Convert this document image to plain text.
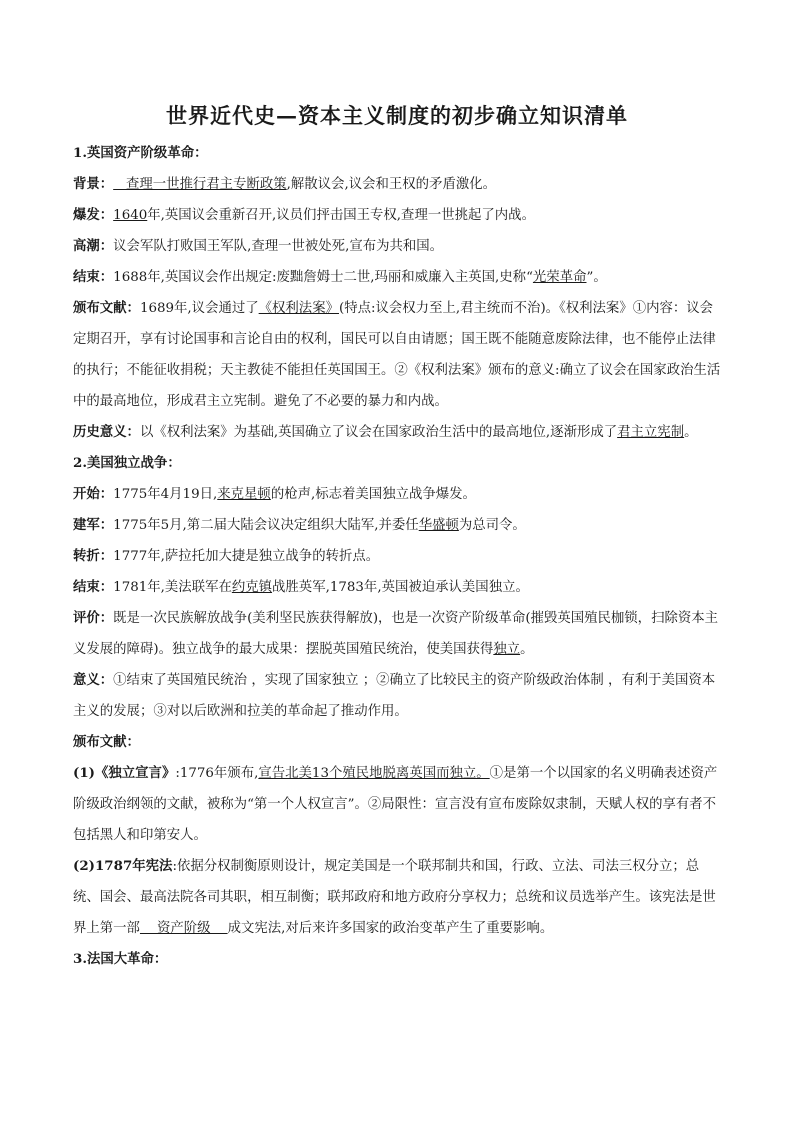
世界近代史—资本主义制度的初步确立知识清单

1.英国资产阶级革命：

背景：   查理一世推行君主专断政策,解散议会,议会和王权的矛盾激化。

爆发：1640年,英国议会重新召开,议员们抨击国王专权,查理一世挑起了内战。

高潮：议会军队打败国王军队,查理一世被处死,宣布为共和国。

结束：1688年,英国议会作出规定:废黜詹姆士二世,玛丽和威廉入主英国,史称“光荣革命”。

颁布文献：1689年,议会通过了《权利法案》(特点:议会权力至上,君主统而不治)。《权利法案》①内容：议会定期召开，享有讨论国事和言论自由的权利，国民可以自由请愿；国王既不能随意废除法律，也不能停止法律的执行；不能征收捐税；天主教徒不能担任英国国王。②《权利法案》颁布的意义:确立了议会在国家政治生活中的最高地位，形成君主立宪制。避免了不必要的暴力和内战。

历史意义：以《权利法案》为基础,英国确立了议会在国家政治生活中的最高地位,逐渐形成了君主立宪制。

2.美国独立战争：

开始：1775年4月19日,来克星顿的枪声,标志着美国独立战争爆发。

建军：1775年5月,第二届大陆会议决定组织大陆军,并委任华盛顿为总司令。

转折：1777年,萨拉托加大捷是独立战争的转折点。

结束：1781年,美法联军在约克镇战胜英军,1783年,英国被迫承认美国独立。

评价：既是一次民族解放战争(美利坚民族获得解放)，也是一次资产阶级革命(摧毁英国殖民枷锁，扫除资本主义发展的障碍)。独立战争的最大成果：摆脱英国殖民统治，使美国获得独立。

意义：①结束了英国殖民统治 ，实现了国家独立 ；②确立了比较民主的资产阶级政治体制 ，有利于美国资本主义的发展；③对以后欧洲和拉美的革命起了推动作用。

颁布文献：

(1)《独立宣言》:1776年颁布,宣告北美13个殖民地脱离英国而独立。①是第一个以国家的名义明确表述资产阶级政治纲领的文献，被称为“第一个人权宣言”。②局限性：宣言没有宣布废除奴隶制，天赋人权的享有者不包括黑人和印第安人。

(2)1787年宪法:依据分权制衡原则设计，规定美国是一个联邦制共和国，行政、立法、司法三权分立；总统、国会、最高法院各司其职，相互制衡；联邦政府和地方政府分享权力；总统和议员选举产生。该宪法是世界上第一部    资产阶级    成文宪法,对后来许多国家的政治变革产生了重要影响。

3.法国大革命：
